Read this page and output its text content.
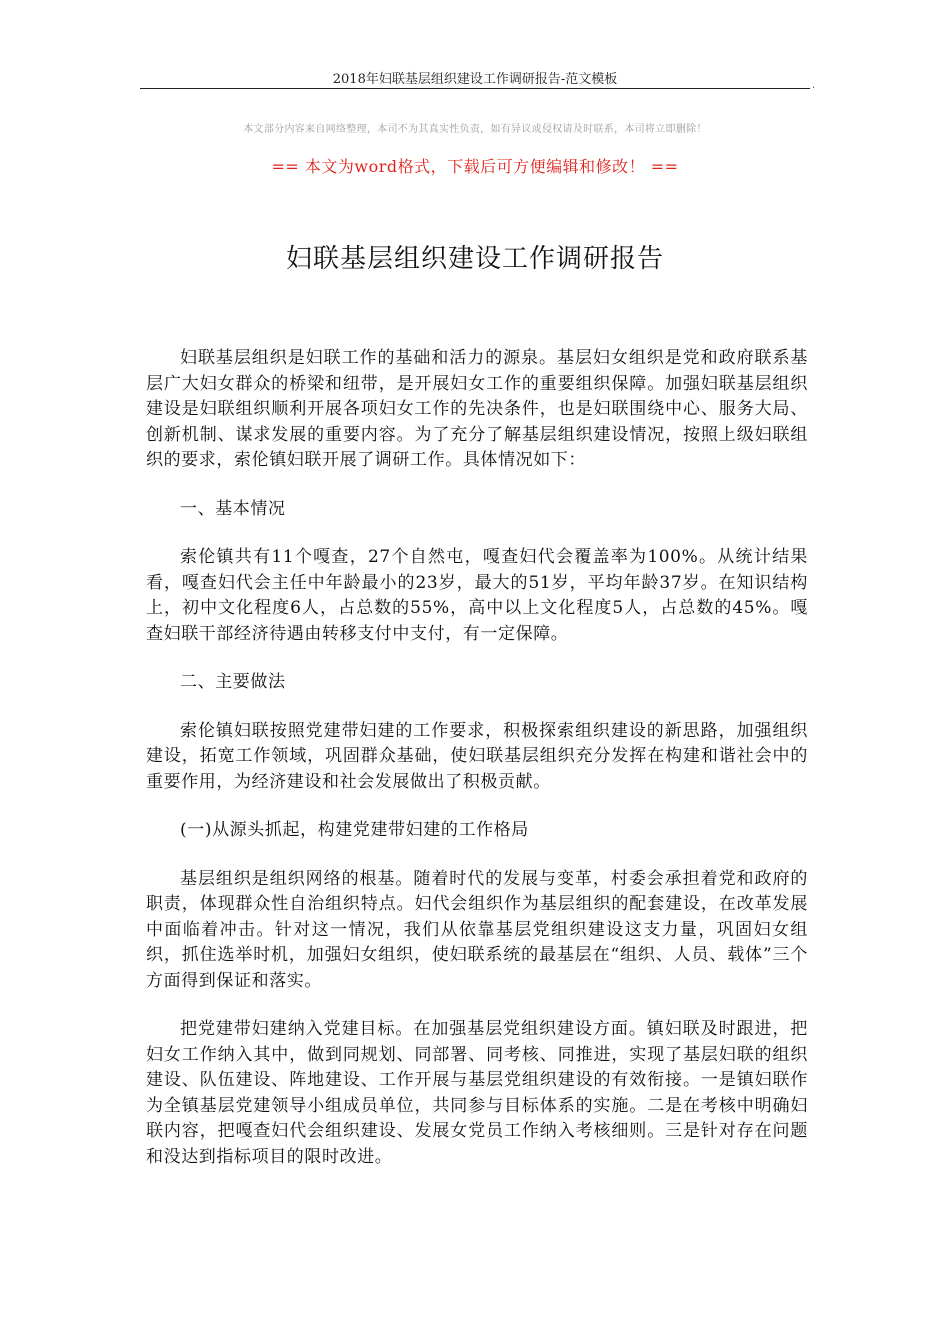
2018年妇联基层组织建设工作调研报告-范文模板	.
本文部分内容来自网络整理，本司不为其真实性负责，如有异议或侵权请及时联系，本司将立即删除！
== 本文为word格式，下载后可方便编辑和修改！ ==
妇联基层组织建设工作调研报告

妇联基层组织是妇联工作的基础和活力的源泉。基层妇女组织是党和政府联系基层广大妇女群众的桥梁和纽带，是开展妇女工作的重要组织保障。加强妇联基层组织建设是妇联组织顺利开展各项妇女工作的先决条件，也是妇联围绕中心、服务大局、创新机制、谋求发展的重要内容。为了充分了解基层组织建设情况，按照上级妇联组织的要求，索伦镇妇联开展了调研工作。具体情况如下：

一、基本情况

索伦镇共有11个嘎查，27个自然屯，嘎查妇代会覆盖率为100%。从统计结果看，嘎查妇代会主任中年龄最小的23岁，最大的51岁，平均年龄37岁。在知识结构上，初中文化程度6人，占总数的55%，高中以上文化程度5人，占总数的45%。嘎查妇联干部经济待遇由转移支付中支付，有一定保障。

二、主要做法

索伦镇妇联按照党建带妇建的工作要求，积极探索组织建设的新思路，加强组织建设，拓宽工作领域，巩固群众基础，使妇联基层组织充分发挥在构建和谐社会中的重要作用，为经济建设和社会发展做出了积极贡献。

(一)从源头抓起，构建党建带妇建的工作格局

基层组织是组织网络的根基。随着时代的发展与变革，村委会承担着党和政府的职责，体现群众性自治组织特点。妇代会组织作为基层组织的配套建设，在改革发展中面临着冲击。针对这一情况，我们从依靠基层党组织建设这支力量，巩固妇女组织，抓住选举时机，加强妇女组织，使妇联系统的最基层在“组织、人员、载体”三个方面得到保证和落实。

把党建带妇建纳入党建目标。在加强基层党组织建设方面。镇妇联及时跟进，把妇女工作纳入其中，做到同规划、同部署、同考核、同推进，实现了基层妇联的组织建设、队伍建设、阵地建设、工作开展与基层党组织建设的有效衔接。一是镇妇联作为全镇基层党建领导小组成员单位，共同参与目标体系的实施。二是在考核中明确妇联内容，把嘎查妇代会组织建设、发展女党员工作纳入考核细则。三是针对存在问题和没达到指标项目的限时改进。
